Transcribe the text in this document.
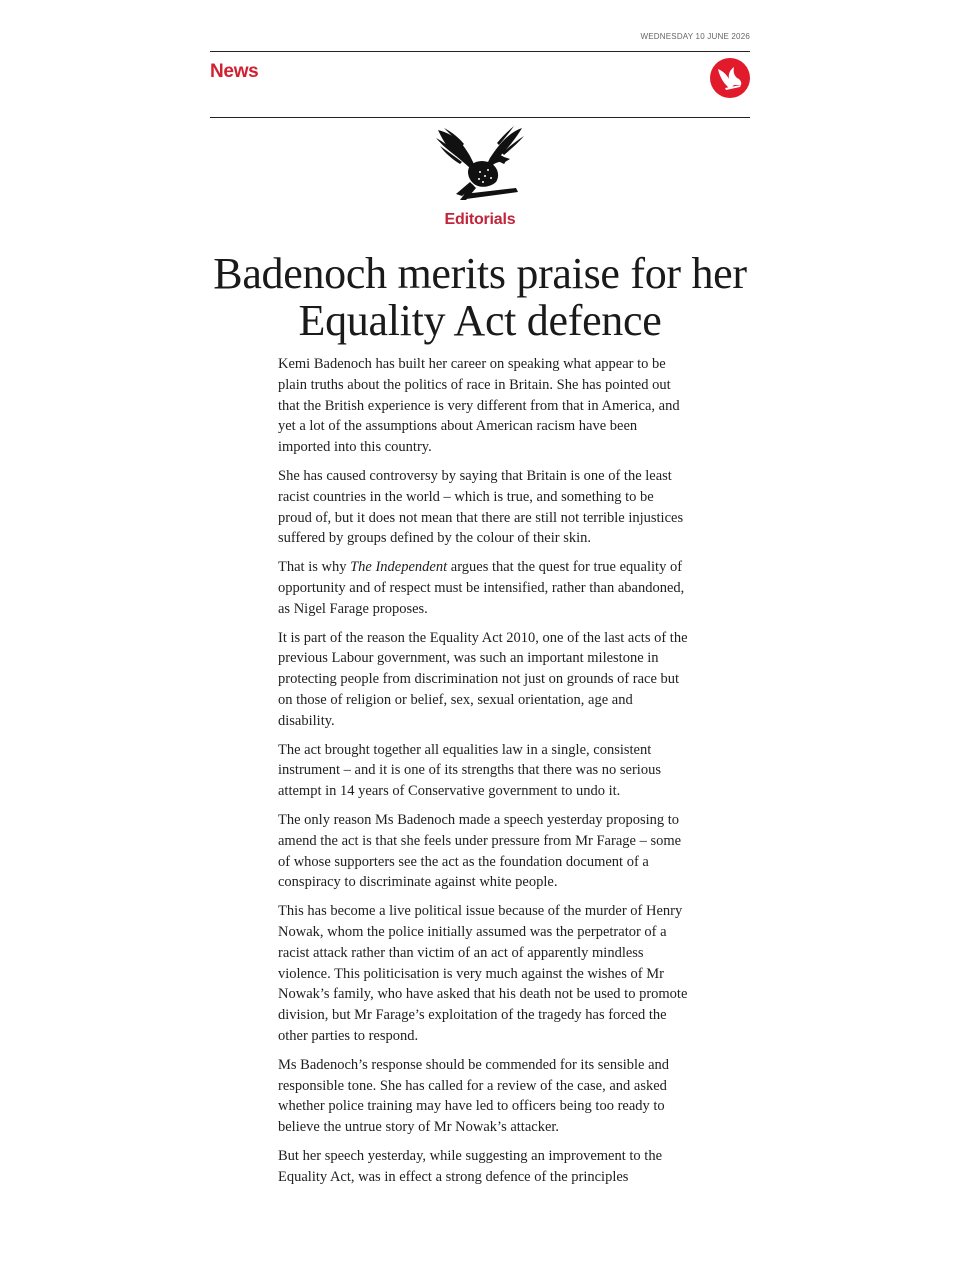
WEDNESDAY 10 JUNE 2026
News
Editorials
Badenoch merits praise for her Equality Act defence

Kemi Badenoch has built her career on speaking what appear to be plain truths about the politics of race in Britain. She has pointed out that the British experience is very different from that in America, and yet a lot of the assumptions about American racism have been imported into this country.

She has caused controversy by saying that Britain is one of the least racist countries in the world – which is true, and something to be proud of, but it does not mean that there are still not terrible injustices suffered by groups defined by the colour of their skin.

That is why The Independent argues that the quest for true equality of opportunity and of respect must be intensified, rather than abandoned, as Nigel Farage proposes.

It is part of the reason the Equality Act 2010, one of the last acts of the previous Labour government, was such an important milestone in protecting people from discrimination not just on grounds of race but on those of religion or belief, sex, sexual orientation, age and disability.

The act brought together all equalities law in a single, consistent instrument – and it is one of its strengths that there was no serious attempt in 14 years of Conservative government to undo it.

The only reason Ms Badenoch made a speech yesterday proposing to amend the act is that she feels under pressure from Mr Farage – some of whose supporters see the act as the foundation document of a conspiracy to discriminate against white people.

This has become a live political issue because of the murder of Henry Nowak, whom the police initially assumed was the perpetrator of a racist attack rather than victim of an act of apparently mindless violence. This politicisation is very much against the wishes of Mr Nowak’s family, who have asked that his death not be used to promote division, but Mr Farage’s exploitation of the tragedy has forced the other parties to respond.

Ms Badenoch’s response should be commended for its sensible and responsible tone. She has called for a review of the case, and asked whether police training may have led to officers being too ready to believe the untrue story of Mr Nowak’s attacker.

But her speech yesterday, while suggesting an improvement to the Equality Act, was in effect a strong defence of the principles
